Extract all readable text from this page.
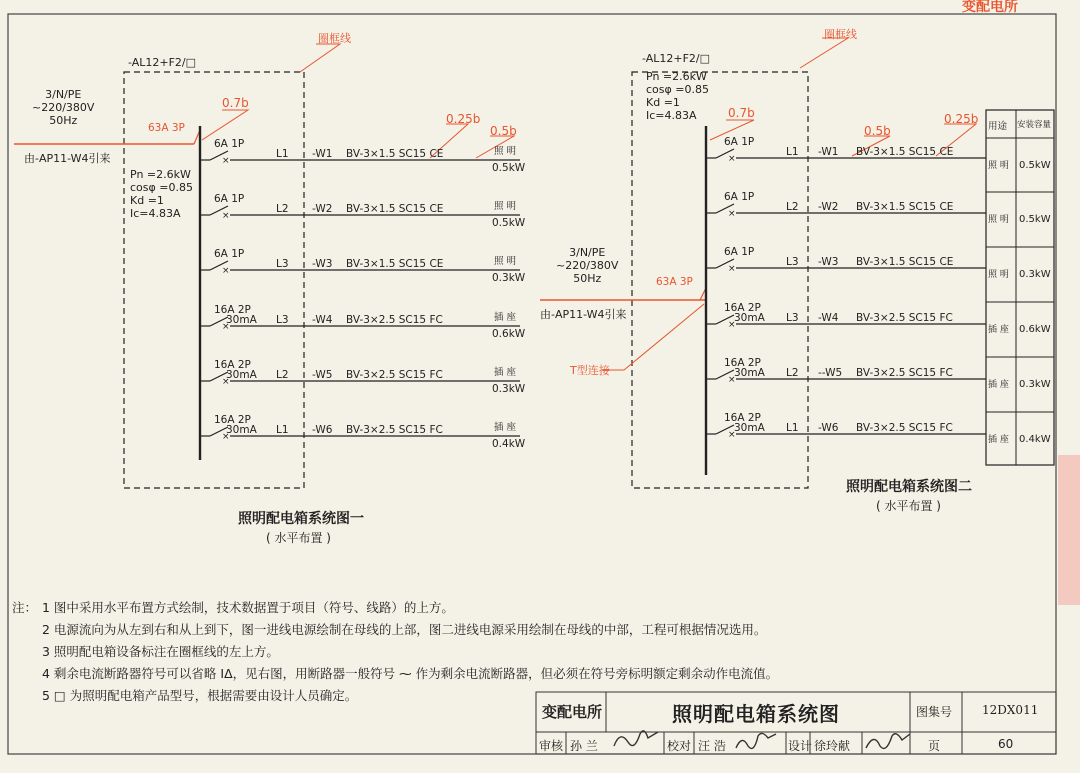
×
×
×
×
×
×
×
×
×
×
×
×
变配电所
-AL12+F2/□
圈框线
3/N/PE
~220/380V
50Hz
由-AP11-W4引来
63A 3P
0.7b
Pn =2.6kW
cosφ =0.85
Kd =1
Ic=4.83A
0.25b
0.5b
6A 1P
L1 -W1 BV-3×1.5 SC15 CE	照 明
0.5kW
6A 1P
L2 -W2 BV-3×1.5 SC15 CE	照 明
0.5kW
6A 1P
L3 -W3 BV-3×1.5 SC15 CE	照 明
0.3kW
16A 2P
30mA L3 -W4 BV-3×2.5 SC15 FC	插 座
0.6kW
16A 2P
30mA L2 -W5 BV-3×2.5 SC15 FC	插 座
0.3kW
16A 2P
30mA L1 -W6 BV-3×2.5 SC15 FC	插 座
0.4kW
照明配电箱系统图一
( 水平布置 )
-AL12+F2/□
圈框线
Pn =2.6kW
cosφ =0.85
Kd =1
Ic=4.83A
3/N/PE
~220/380V
50Hz
由-AP11-W4引来
63A 3P
0.7b
T型连接
0.25b
0.5b	用途 安装容量
6A 1P
L1 -W1 BV-3×1.5 SC15 CE
照 明 0.5kW
6A 1P
L2 -W2 BV-3×1.5 SC15 CE
照 明 0.5kW
6A 1P
L3 -W3 BV-3×1.5 SC15 CE
照 明 0.3kW
16A 2P
30mA L3 -W4 BV-3×2.5 SC15 FC
插 座 0.6kW
16A 2P
30mA L2 --W5 BV-3×2.5 SC15 FC
插 座 0.3kW
16A 2P
30mA L1 -W6 BV-3×2.5 SC15 FC
插 座 0.4kW
照明配电箱系统图二
( 水平布置 )
注： 1 图中采用水平布置方式绘制，技术数据置于项目（符号、线路）的上方。
2 电源流向为从左到右和从上到下，图一进线电源绘制在母线的上部，图二进线电源采用绘制在母线的中部，工程可根据情况选用。
3 照明配电箱设备标注在圈框线的左上方。
4 剩余电流断路器符号可以省略 IΔ，见右图，用断路器一般符号 ⁓ 作为剩余电流断路器，但必须在符号旁标明额定剩余动作电流值。
5 □ 为照明配电箱产品型号，根据需要由设计人员确定。
变配电所	照明配电箱系统图	图集号 12DX011
审核 孙 兰	校对 汪 浩	设计 徐玲献	页	60
